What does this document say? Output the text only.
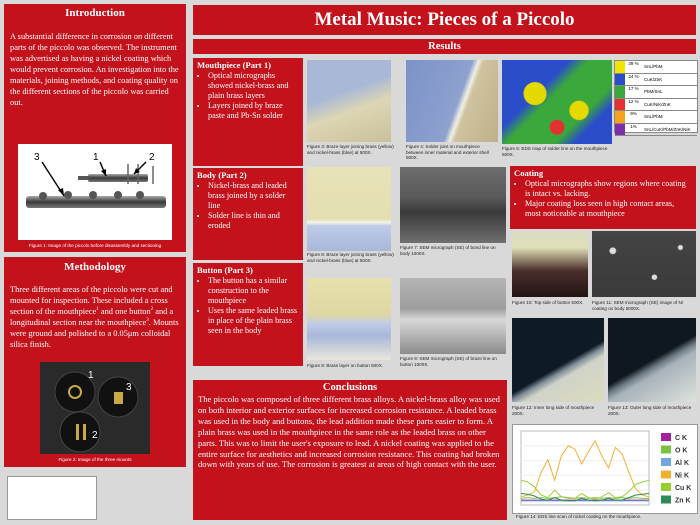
Introduction
A substantial difference in corrosion on different parts of the piccolo was observed. The instrument was advertised as having a nickel coating which would prevent corrosion. An investigation into the materials, joining methods, and coating quality on the different sections of the piccolo was carried out.
3	1	2
Figure 1: Image of the piccolo before disassembly and sectioning
Methodology
Three different areas of the piccolo were cut and mounted for inspection. These included a cross section of the mouthpiece$^1$ and one button$^2$ and a longitudinal section near the mouthpiece$^3$. Mounts were ground and polished to a 0.05μm colloidal silica finish.
1
3
2
Figure 2: Image of the three mounts
Metal Music: Pieces of a Piccolo
Results
Mouthpiece (Part 1)
• Optical micrographs showed nickel-brass and plain brass layers
• Layers joined by braze paste and Pb-Sn solder
Figure 3: Braze layer joining brass (yellow) and nickel-brass (blue) at 500X.
Figure 4: Solder joint on mouthpiece between inner material and exterior shell 500X.
Figure 5: EDS map of solder line on the mouthpiece 500X.
39 %
SnL/PbM
24 %
CuK/ZnK
17 %
PbM/SnL
12 %
CuK/NiK/ZnK
9%
SnL/PbM
1%
SnL/CuK/PbM/ZnK/NiK
Body (Part 2)
• Nickel-brass and leaded brass joined by a solder line
• Solder line is thin and eroded
Figure 6: Braze layer joining brass (yellow) and nickel-brass (blue) at 500X.
Figure 7: SEM micrograph (SE) of bond line on body 1000X.
Button (Part 3)
• The button has a similar construction to the mouthpiece
• Uses the same leaded brass in place of the plain brass seen in the body
Figure 8: Brass layer on button 500X.
Figure 9: SEM micrograph (SE) of braze line on button 1000X.
Coating
• Optical micrographs show regions where coating is intact vs. lacking.
• Major coating loss seen in high contact areas, most noticeable at mouthpiece
Figure 10: Top side of button 500X.	Figure 11: SEM micrograph (SE) image of Ni coating on body 5000X.
Figure 12: Inner long side of mouthpiece 200X.
Figure 13: Outer long side of mouthpiece 200X.
C K
O K
Al K
Ni K
Cu K
Zn K
Figure 14: EDS line scan of nickel coating on the mouthpiece.
Conclusions
The piccolo was composed of three different brass alloys. A nickel-brass alloy was used on both interior and exterior surfaces for increased corrosion resistance. A leaded brass was used in the body and buttons, the lead addition made these parts easier to form. A plain brass was used in the mouthpiece in the same role as the leaded brass on other parts. This was to limit the user's exposure to lead. A nickel coating was applied to the entire surface for aesthetics and increased corrosion resistance. This coating had broken down with years of use. The corrosion is greatest at areas of high contact with the user.
